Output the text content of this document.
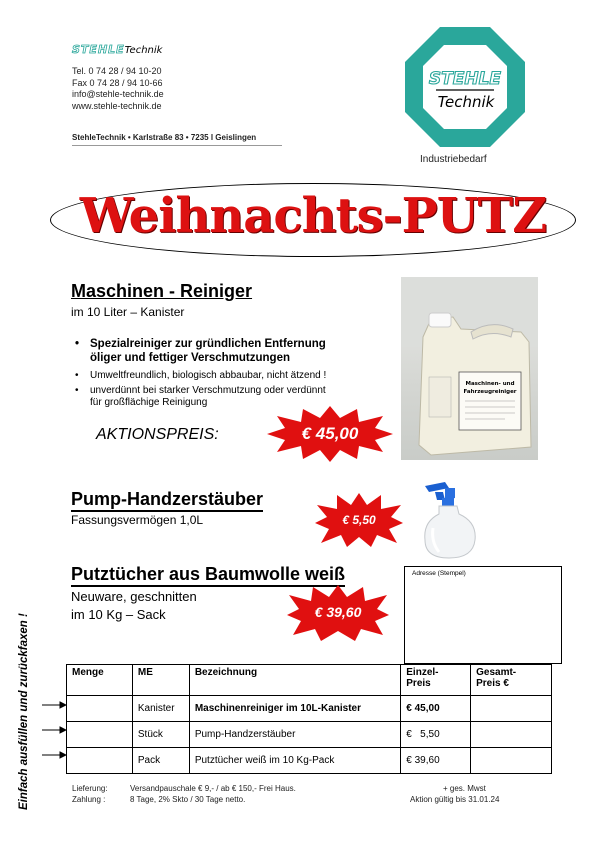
STEHLETechnik
Tel. 0 74 28 / 94 10-20
Fax 0 74 28 / 94 10-66
info@stehle-technik.de
www.stehle-technik.de
StehleTechnik • Karlstraße 83 • 7235 l Geislingen
STEHLE
Technik
Industriebedarf
Weihnachts-PUTZ
Maschinen - Reiniger
im 10 Liter – Kanister
• Spezialreiniger zur gründlichen Entfernung
öliger und fettiger Verschmutzungen
• Umweltfreundlich, biologisch abbaubar, nicht ätzend !
• unverdünnt bei starker Verschmutzung oder verdünnt
für großflächige Reinigung
AKTIONSPREIS:	€ 45,00
Maschinen- und
Fahrzeugreiniger
Pump-Handzerstäuber
Fassungsvermögen 1,0L	€ 5,50
Putztücher aus Baumwolle weiß
Neuware, geschnitten
im 10 Kg – Sack	€ 39,60
Adresse (Stempel)
Einfach ausfüllen und zurückfaxen !	Menge	ME	Bezeichnung	Einzel-
Preis	Gesamt-
Preis €
	Kanister	Maschinenreiniger im 10L-Kanister	€ 45,00	
	Stück	Pump-Handzerstäuber	€   5,50	
	Pack	Putztücher weiß im 10 Kg-Pack	€ 39,60	
Lieferung:	Versandpauschale € 9,- / ab € 150,- Frei Haus.
Zahlung :	8 Tage, 2% Skto / 30 Tage netto.
+ ges. Mwst
Aktion gültig bis 31.01.24
